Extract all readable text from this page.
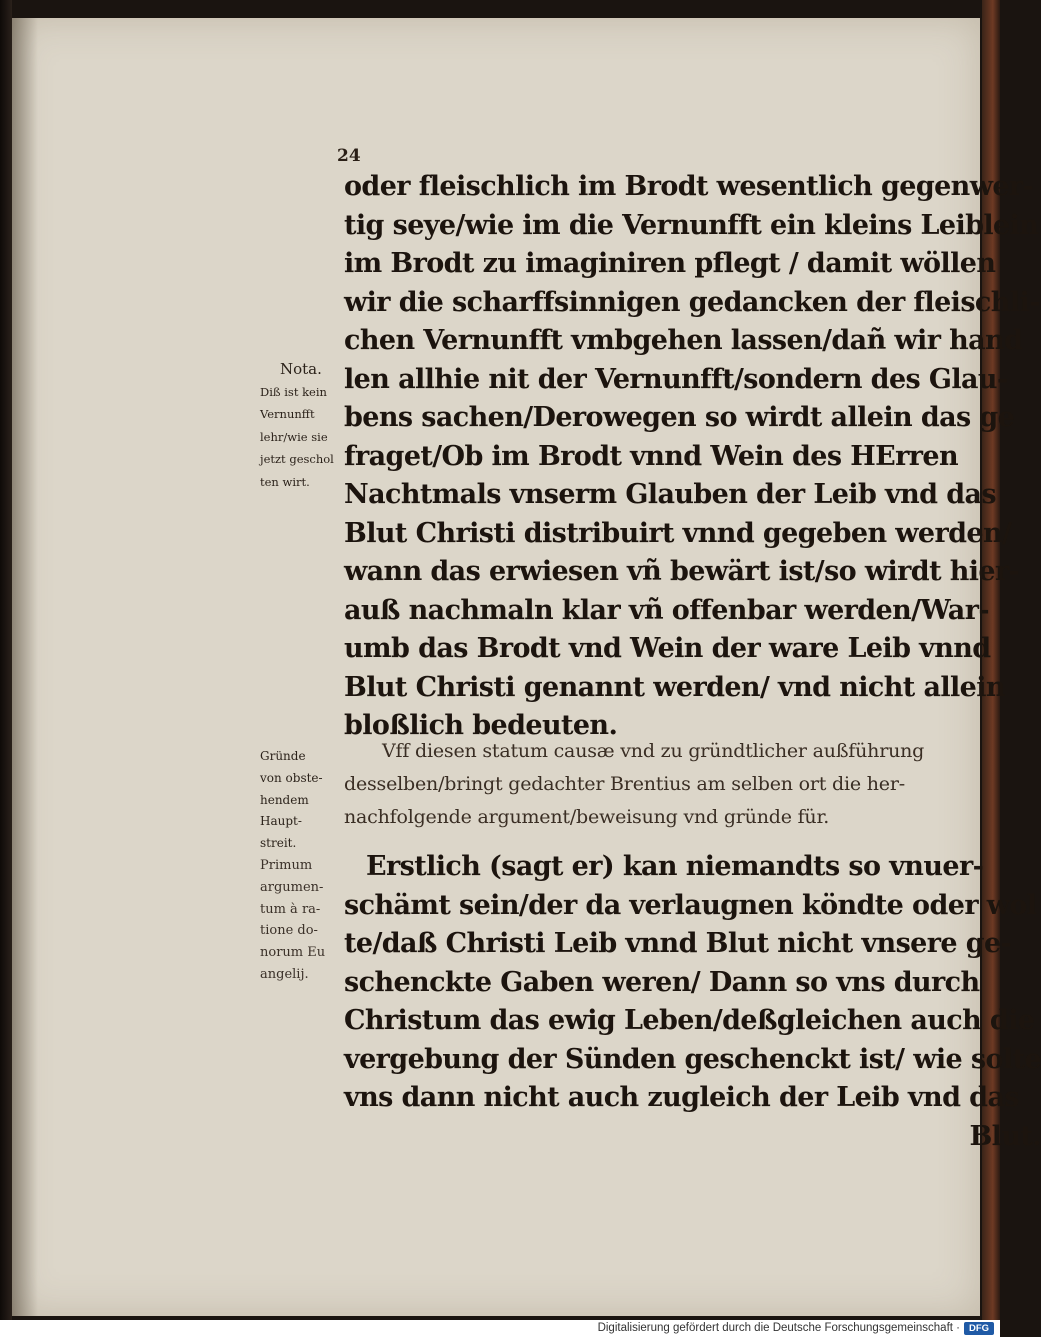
24
Nota.
Diß ist kein
Vernunfft
lehr/wie sie
jetzt geschol
ten wirt.
Gründe
von obste-
hendem
Haupt-
streit.
Primum
argumen-
tum à ra-
tione do-
norum Eu
angelij.
oder fleischlich im Brodt wesentlich gegenwer-
tig seye/wie im die Vernunfft ein kleins Leiblein
im Brodt zu imaginiren pflegt / damit wöllen
wir die scharffsinnigen gedancken der fleischli-
chen Vernunfft vmbgehen lassen/dañ wir hand
len allhie nit der Vernunfft/sondern des Glau-
bens sachen/Derowegen so wirdt allein das ge
fraget/Ob im Brodt vnnd Wein des HErren
Nachtmals vnserm Glauben der Leib vnd das
Blut Christi distribuirt vnnd gegeben werden/
wann das erwiesen vñ bewärt ist/so wirdt hier-
auß nachmaln klar vñ offenbar werden/War-
umb das Brodt vnd Wein der ware Leib vnnd
Blut Christi genannt werden/ vnd nicht allein
bloßlich bedeuten.
Vff diesen statum causæ vnd zu gründtlicher außführung
desselben/bringt gedachter Brentius am selben ort die her-
nachfolgende argument/beweisung vnd gründe für.
Erstlich (sagt er) kan niemandts so vnuer-
schämt sein/der da verlaugnen köndte oder wol
te/daß Christi Leib vnnd Blut nicht vnsere ge-
schenckte Gaben weren/ Dann so vns durch
Christum das ewig Leben/deßgleichen auch die
vergebung der Sünden geschenckt ist/ wie solte
vns dann nicht auch zugleich der Leib vnd das
Blut.
Digitalisierung gefördert durch die Deutsche Forschungsgemeinschaft · DFG
